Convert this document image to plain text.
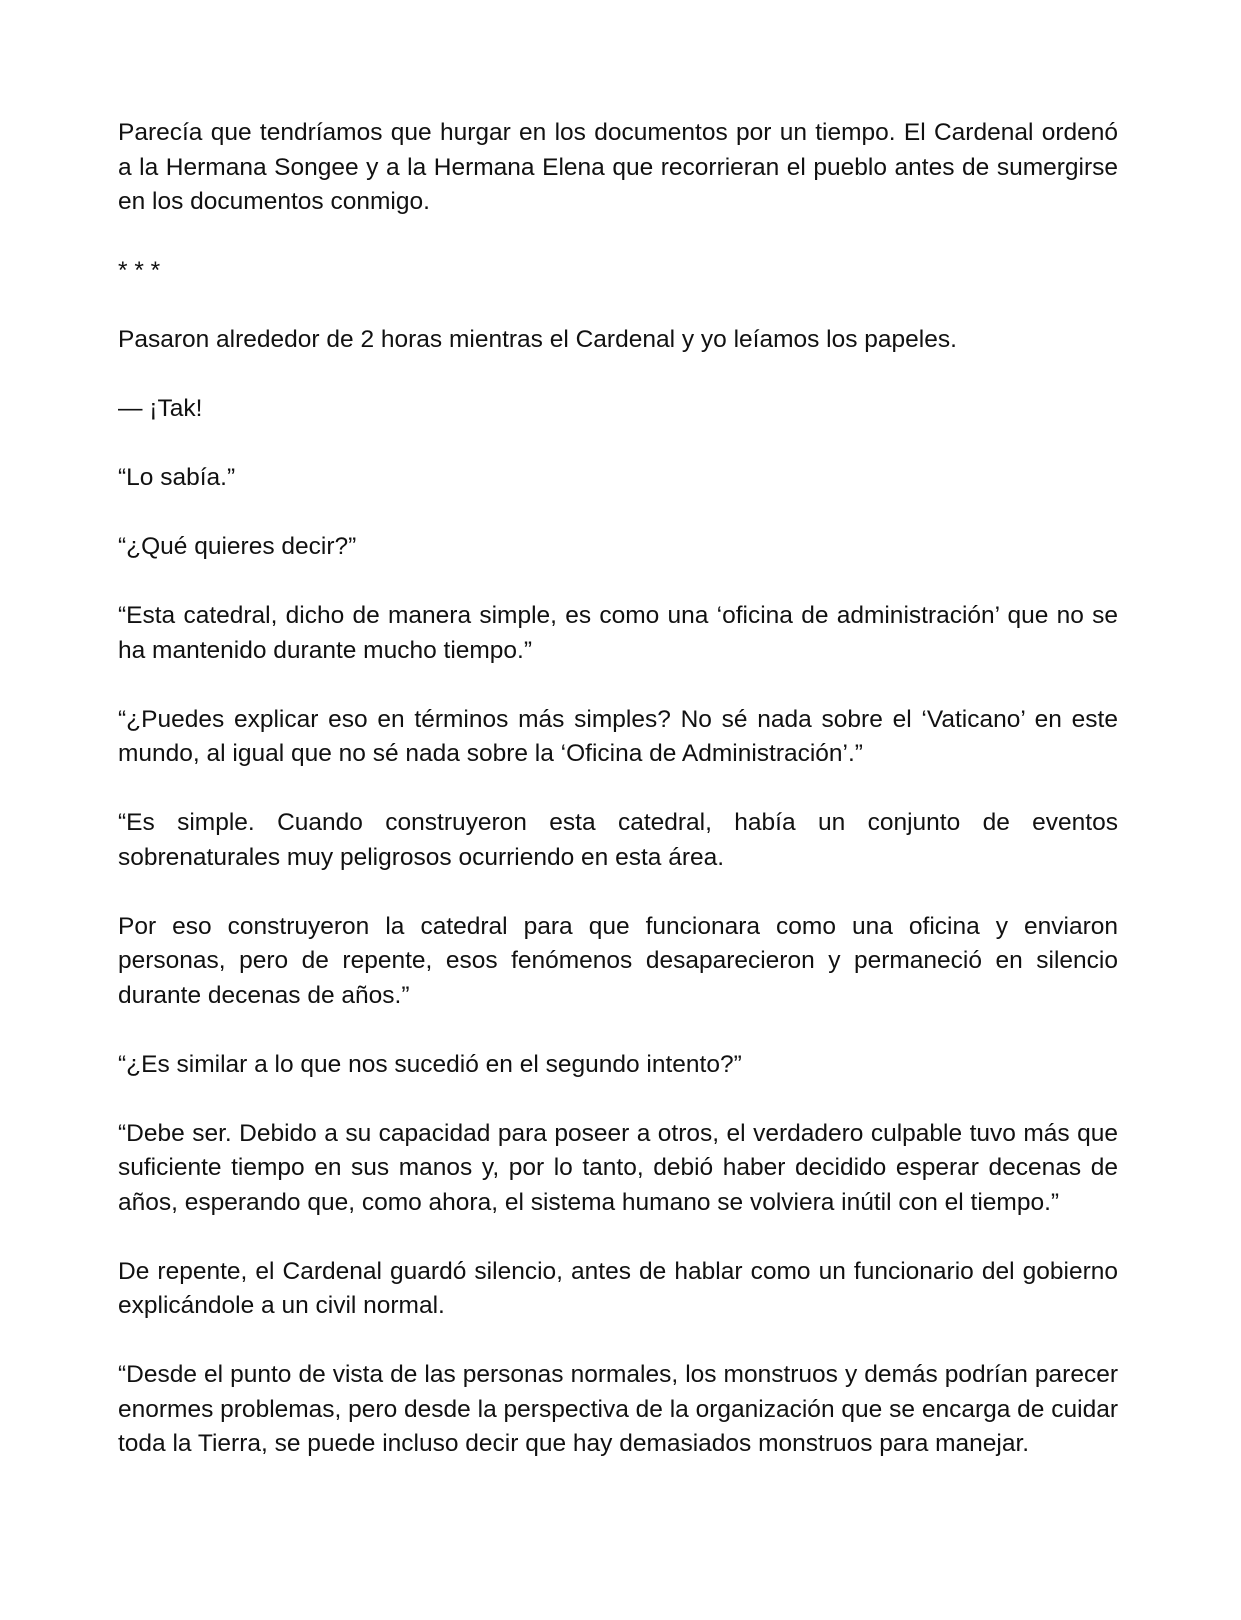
Parecía que tendríamos que hurgar en los documentos por un tiempo. El Cardenal ordenó a la Hermana Songee y a la Hermana Elena que recorrieran el pueblo antes de sumergirse en los documentos conmigo.

* * *

Pasaron alrededor de 2 horas mientras el Cardenal y yo leíamos los papeles.

— ¡Tak!

“Lo sabía.”

“¿Qué quieres decir?”

“Esta catedral, dicho de manera simple, es como una ‘oficina de administración’ que no se ha mantenido durante mucho tiempo.”

“¿Puedes explicar eso en términos más simples? No sé nada sobre el ‘Vaticano’ en este mundo, al igual que no sé nada sobre la ‘Oficina de Administración’.”

“Es simple. Cuando construyeron esta catedral, había un conjunto de eventos sobrenaturales muy peligrosos ocurriendo en esta área.

Por eso construyeron la catedral para que funcionara como una oficina y enviaron personas, pero de repente, esos fenómenos desaparecieron y permaneció en silencio durante decenas de años.”

“¿Es similar a lo que nos sucedió en el segundo intento?”

“Debe ser. Debido a su capacidad para poseer a otros, el verdadero culpable tuvo más que suficiente tiempo en sus manos y, por lo tanto, debió haber decidido esperar decenas de años, esperando que, como ahora, el sistema humano se volviera inútil con el tiempo.”

De repente, el Cardenal guardó silencio, antes de hablar como un funcionario del gobierno explicándole a un civil normal.

“Desde el punto de vista de las personas normales, los monstruos y demás podrían parecer enormes problemas, pero desde la perspectiva de la organización que se encarga de cuidar toda la Tierra, se puede incluso decir que hay demasiados monstruos para manejar.
